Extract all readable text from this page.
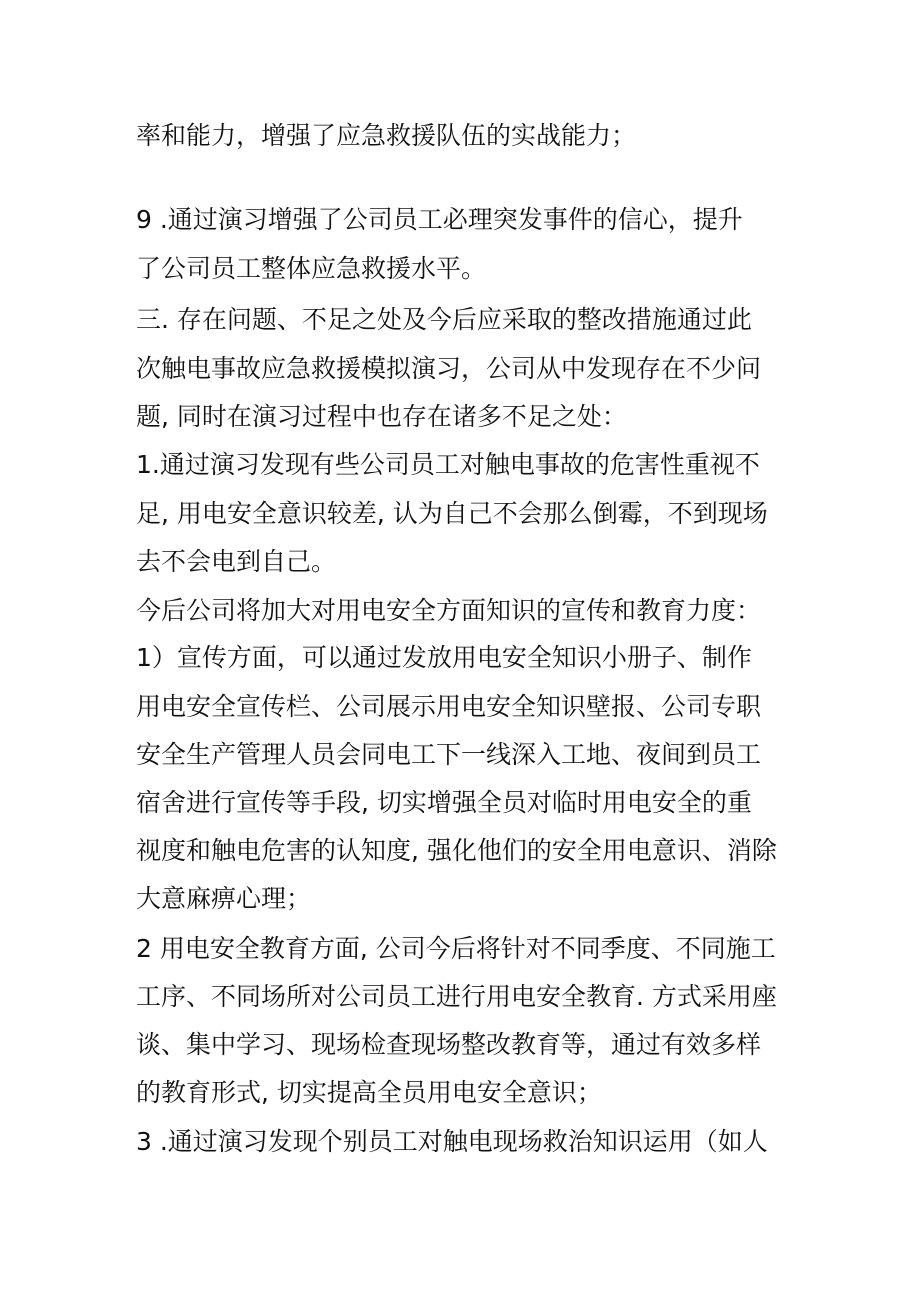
率和能力，增强了应急救援队伍的实战能力；
9 .通过演习增强了公司员工必理突发事件的信心，提升
了公司员工整体应急救援水平。
三. 存在问题、不足之处及今后应采取的整改措施通过此
次触电事故应急救援模拟演习，公司从中发现存在不少问
题, 同时在演习过程中也存在诸多不足之处：
1.通过演习发现有些公司员工对触电事故的危害性重视不
足, 用电安全意识较差, 认为自己不会那么倒霉，不到现场
去不会电到自己。
今后公司将加大对用电安全方面知识的宣传和教育力度：
1）宣传方面，可以通过发放用电安全知识小册子、制作
用电安全宣传栏、公司展示用电安全知识壁报、公司专职
安全生产管理人员会同电工下一线深入工地、夜间到员工
宿舍进行宣传等手段, 切实增强全员对临时用电安全的重
视度和触电危害的认知度, 强化他们的安全用电意识、消除
大意麻痹心理；
2 用电安全教育方面, 公司今后将针对不同季度、不同施工
工序、不同场所对公司员工进行用电安全教育. 方式采用座
谈、集中学习、现场检查现场整改教育等，通过有效多样
的教育形式, 切实提高全员用电安全意识；
3 .通过演习发现个别员工对触电现场救治知识运用（如人
